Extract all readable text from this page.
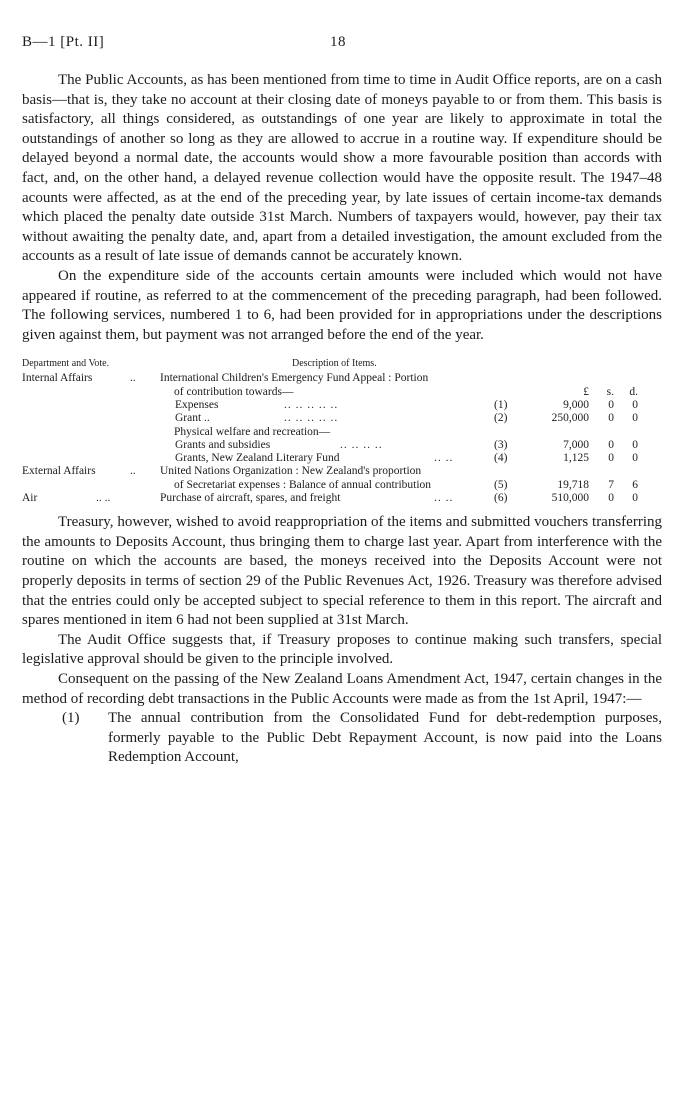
B—1 [Pt. II]	18

The Public Accounts, as has been mentioned from time to time in Audit Office reports, are on a cash basis—that is, they take no account at their closing date of moneys payable to or from them. This basis is satisfactory, all things considered, as outstandings of one year are likely to approximate in total the outstandings of another so long as they are allowed to accrue in a routine way. If expenditure should be delayed beyond a normal date, the accounts would show a more favourable position than accords with fact, and, on the other hand, a delayed revenue collection would have the opposite result. The 1947–48 acounts were affected, as at the end of the preceding year, by late issues of certain income-tax demands which placed the penalty date outside 31st March. Numbers of taxpayers would, however, pay their tax without awaiting the penalty date, and, apart from a detailed investigation, the amount excluded from the accounts as a result of late issue of demands cannot be accurately known.

On the expenditure side of the accounts certain amounts were included which would not have appeared if routine, as referred to at the commencement of the preceding paragraph, had been followed. The following services, numbered 1 to 6, had been provided for in appropriations under the descriptions given against them, but payment was not arranged before the end of the year.

Department and Vote.	Description of Items.
Internal Affairs	.. International Children's Emergency Fund Appeal : Portion
of contribution towards—	£	s.	d.
Expenses	.. .. .. .. ..	(1)	9,000	0	0
Grant ..	.. .. .. .. ..	(2)	250,000	0	0
Physical welfare and recreation—
Grants and subsidies	.. .. .. ..	(3)	7,000	0	0
Grants, New Zealand Literary Fund	.. ..	(4)	1,125	0	0
External Affairs	.. United Nations Organization : New Zealand's proportion
of Secretariat expenses : Balance of annual contribution	(5)	19,718	7	6
Air	.. ..	Purchase of aircraft, spares, and freight	.. ..	(6)	510,000	0	0

Treasury, however, wished to avoid reappropriation of the items and submitted vouchers transferring the amounts to Deposits Account, thus bringing them to charge last year. Apart from interference with the routine on which the accounts are based, the moneys received into the Deposits Account were not properly deposits in terms of section 29 of the Public Revenues Act, 1926. Treasury was therefore advised that the entries could only be accepted subject to special reference to them in this report. The aircraft and spares mentioned in item 6 had not been supplied at 31st March.

The Audit Office suggests that, if Treasury proposes to continue making such transfers, special legislative approval should be given to the principle involved.

Consequent on the passing of the New Zealand Loans Amendment Act, 1947, certain changes in the method of recording debt transactions in the Public Accounts were made as from the 1st April, 1947:—

(1) The annual contribution from the Consolidated Fund for debt-redemption purposes, formerly payable to the Public Debt Repayment Account, is now paid into the Loans Redemption Account,
